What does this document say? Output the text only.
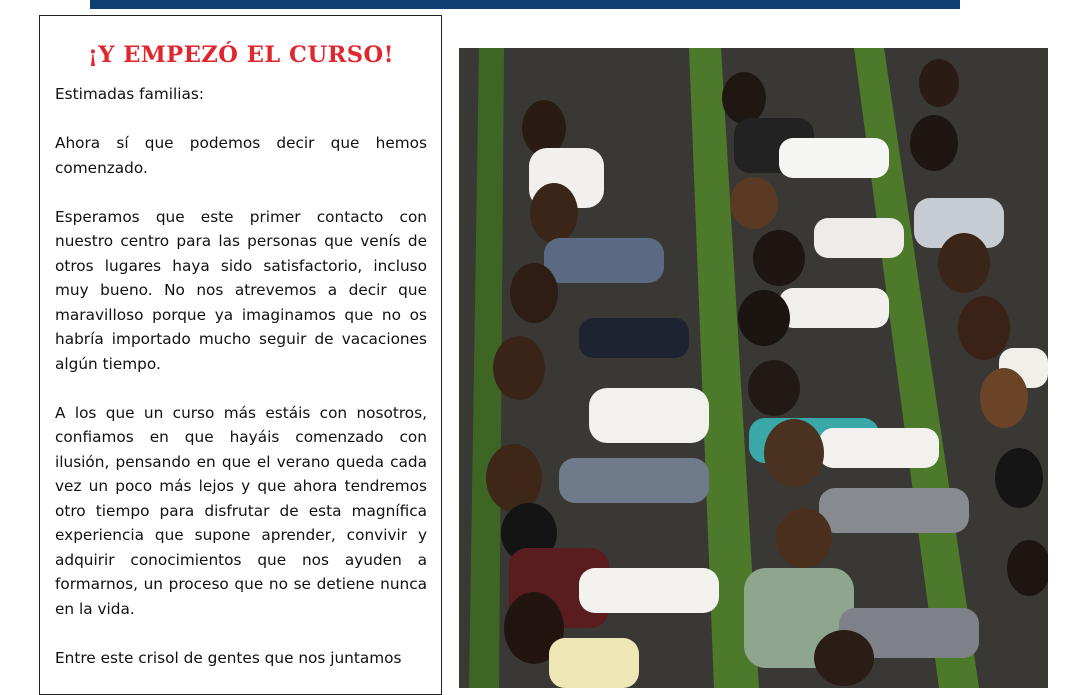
¡Y EMPEZÓ EL CURSO!

Estimadas familias:

Ahora sí que podemos decir que hemos comenzado.

Esperamos que este primer contacto con nuestro centro para las personas que venís de otros lugares haya sido satisfactorio, incluso muy bueno. No nos atrevemos a decir que maravilloso porque ya imaginamos que no os habría importado mucho seguir de vacaciones algún tiempo.

A los que un curso más estáis con nosotros, confiamos en que hayáis comenzado con ilusión, pensando en que el verano queda cada vez un poco más lejos y que ahora tendremos otro tiempo para disfrutar de esta magnífica experiencia que supone aprender, convivir y adquirir conocimientos que nos ayuden a formarnos, un proceso que no se detiene nunca en la vida.

Entre este crisol de gentes que nos juntamos
